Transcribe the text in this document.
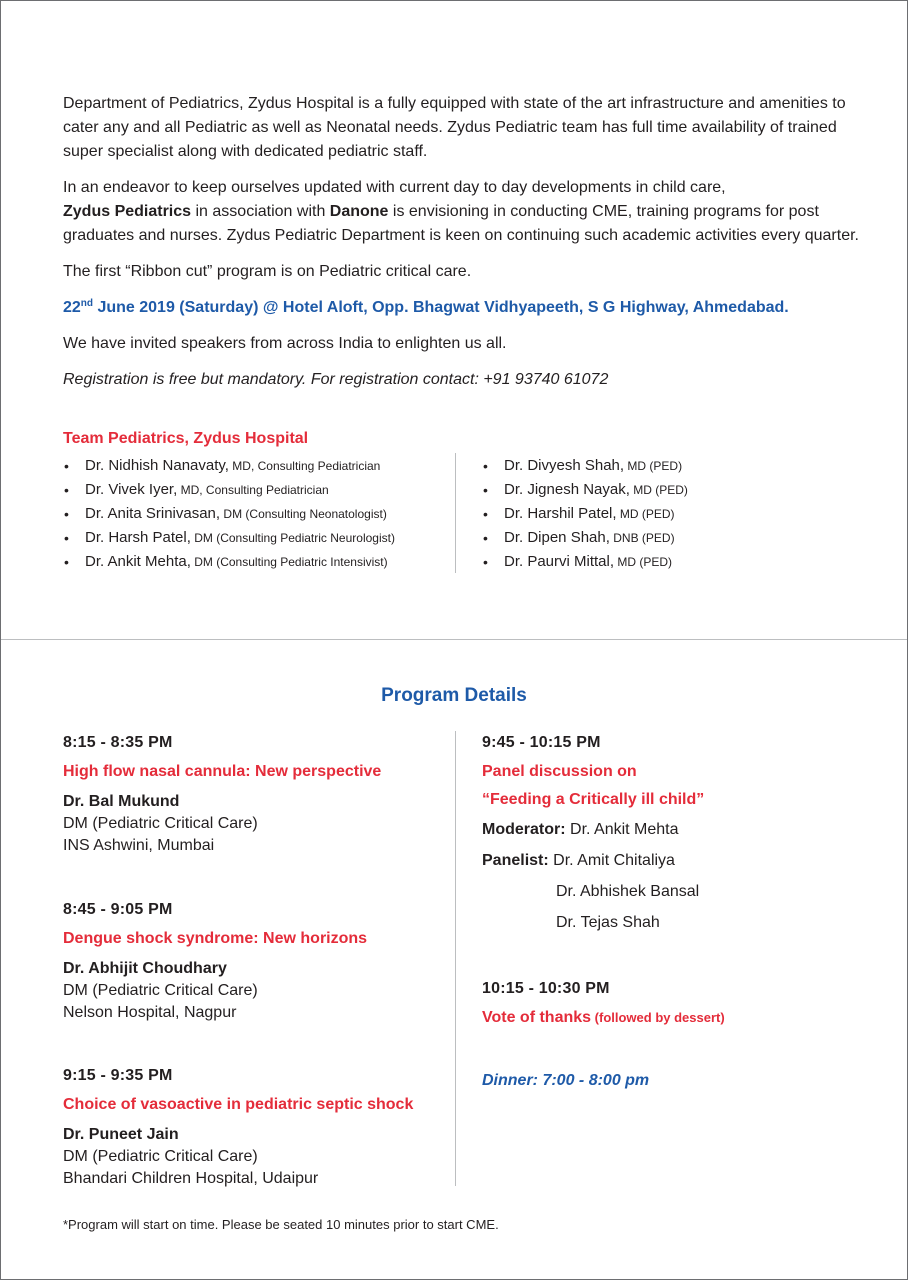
Department of Pediatrics, Zydus Hospital is a fully equipped with state of the art infrastructure and amenities to cater any and all Pediatric as well as Neonatal needs. Zydus Pediatric team has full time availability of trained super specialist along with dedicated pediatric staff.

In an endeavor to keep ourselves updated with current day to day developments in child care,
Zydus Pediatrics in association with Danone is envisioning in conducting CME, training programs for post graduates and nurses. Zydus Pediatric Department is keen on continuing such academic activities every quarter.

The first “Ribbon cut” program is on Pediatric critical care.

22nd June 2019 (Saturday) @ Hotel Aloft, Opp. Bhagwat Vidhyapeeth, S G Highway, Ahmedabad.

We have invited speakers from across India to enlighten us all.

Registration is free but mandatory. For registration contact: +91 93740 61072

Team Pediatrics, Zydus Hospital
• Dr. Nidhish Nanavaty, MD, Consulting Pediatrician
• Dr. Vivek Iyer, MD, Consulting Pediatrician
• Dr. Anita Srinivasan, DM (Consulting Neonatologist)
• Dr. Harsh Patel, DM (Consulting Pediatric Neurologist)
• Dr. Ankit Mehta, DM (Consulting Pediatric Intensivist)
• Dr. Divyesh Shah, MD (PED)
• Dr. Jignesh Nayak, MD (PED)
• Dr. Harshil Patel, MD (PED)
• Dr. Dipen Shah, DNB (PED)
• Dr. Paurvi Mittal, MD (PED)
Program Details
8:15 - 8:35 PM
High flow nasal cannula: New perspective
Dr. Bal Mukund
DM (Pediatric Critical Care)
INS Ashwini, Mumbai
8:45 - 9:05 PM
Dengue shock syndrome: New horizons
Dr. Abhijit Choudhary
DM (Pediatric Critical Care)
Nelson Hospital, Nagpur
9:15 - 9:35 PM
Choice of vasoactive in pediatric septic shock
Dr. Puneet Jain
DM (Pediatric Critical Care)
Bhandari Children Hospital, Udaipur
9:45 - 10:15 PM
Panel discussion on
“Feeding a Critically ill child”
Moderator: Dr. Ankit Mehta
Panelist: Dr. Amit Chitaliya
Dr. Abhishek Bansal
Dr. Tejas Shah
10:15 - 10:30 PM
Vote of thanks (followed by dessert)
Dinner: 7:00 - 8:00 pm
*Program will start on time. Please be seated 10 minutes prior to start CME.
